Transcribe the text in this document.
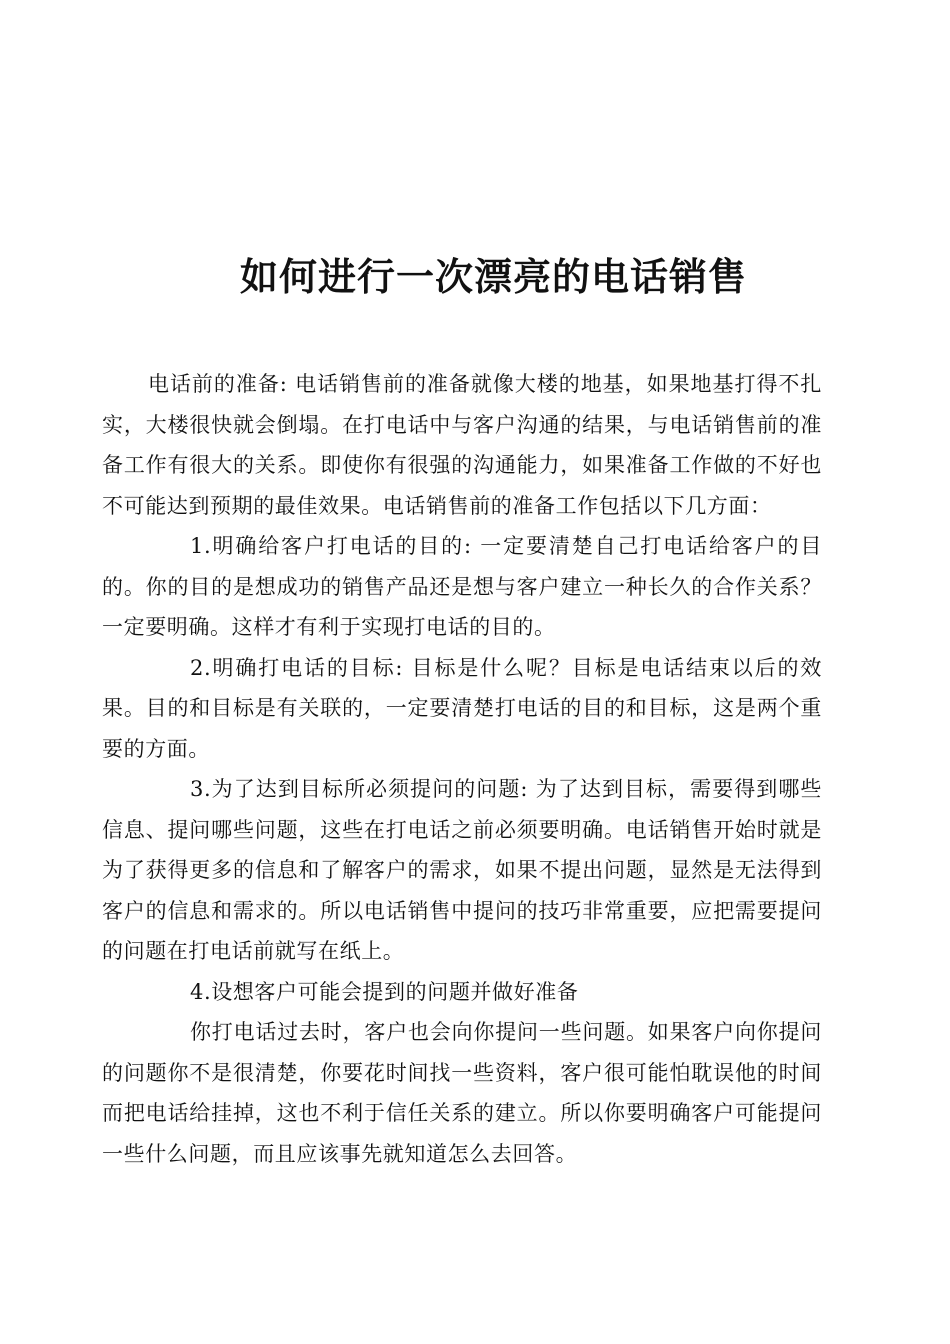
如何进行一次漂亮的电话销售

电话前的准备: 电话销售前的准备就像大楼的地基，如果地基打得不扎实，大楼很快就会倒塌。在打电话中与客户沟通的结果，与电话销售前的准备工作有很大的关系。即使你有很强的沟通能力，如果准备工作做的不好也不可能达到预期的最佳效果。电话销售前的准备工作包括以下几方面：

1.明确给客户打电话的目的: 一定要清楚自己打电话给客户的目的。你的目的是想成功的销售产品还是想与客户建立一种长久的合作关系？一定要明确。这样才有利于实现打电话的目的。

2.明确打电话的目标: 目标是什么呢？目标是电话结束以后的效果。目的和目标是有关联的，一定要清楚打电话的目的和目标，这是两个重要的方面。

3.为了达到目标所必须提问的问题: 为了达到目标，需要得到哪些信息、提问哪些问题，这些在打电话之前必须要明确。电话销售开始时就是为了获得更多的信息和了解客户的需求，如果不提出问题，显然是无法得到客户的信息和需求的。所以电话销售中提问的技巧非常重要，应把需要提问的问题在打电话前就写在纸上。

4.设想客户可能会提到的问题并做好准备

你打电话过去时，客户也会向你提问一些问题。如果客户向你提问的问题你不是很清楚，你要花时间找一些资料，客户很可能怕耽误他的时间而把电话给挂掉，这也不利于信任关系的建立。所以你要明确客户可能提问一些什么问题，而且应该事先就知道怎么去回答。
